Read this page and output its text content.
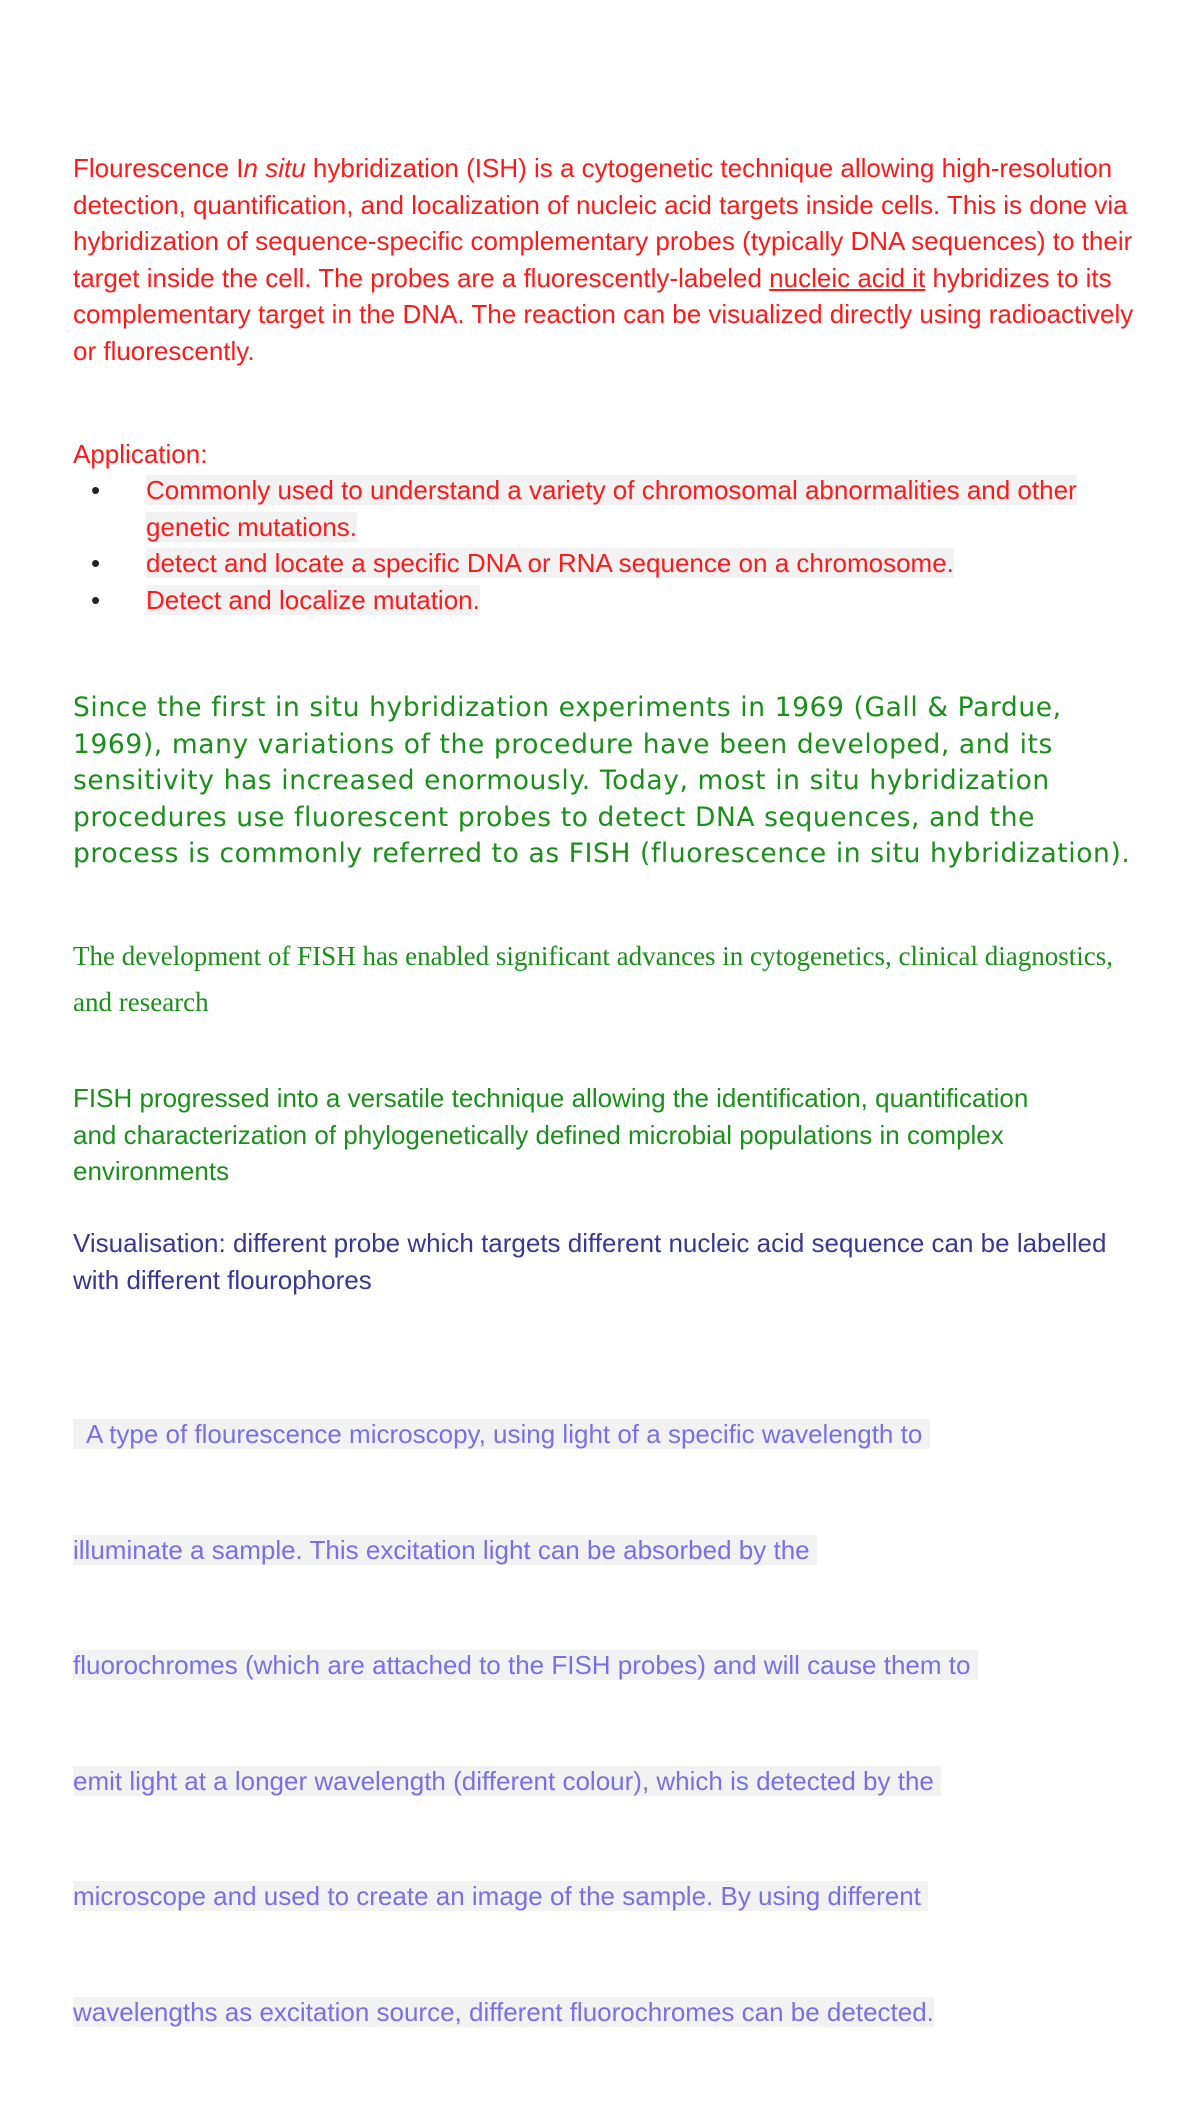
Flourescence In situ hybridization (ISH) is a cytogenetic technique allowing high-resolution detection, quantification, and localization of nucleic acid targets inside cells. This is done via hybridization of sequence-specific complementary probes (typically DNA sequences) to their target inside the cell. The probes are a fluorescently-labeled nucleic acid it hybridizes to its complementary target in the DNA. The reaction can be visualized directly using radioactively or fluorescently.

Application:
• Commonly used to understand a variety of chromosomal abnormalities and other genetic mutations.
• detect and locate a specific DNA or RNA sequence on a chromosome.
• Detect and localize mutation.

Since the first in situ hybridization experiments in 1969 (Gall & Pardue, 1969), many variations of the procedure have been developed, and its sensitivity has increased enormously. Today, most in situ hybridization procedures use fluorescent probes to detect DNA sequences, and the process is commonly referred to as FISH (fluorescence in situ hybridization).

The development of FISH has enabled significant advances in cytogenetics, clinical diagnostics, and research

FISH progressed into a versatile technique allowing the identification, quantification and characterization of phylogenetically defined microbial populations in complex environments

Visualisation: different probe which targets different nucleic acid sequence can be labelled with different flourophores

A type of flourescence microscopy, using light of a specific wavelength to

illuminate a sample. This excitation light can be absorbed by the

fluorochromes (which are attached to the FISH probes) and will cause them to

emit light at a longer wavelength (different colour), which is detected by the

microscope and used to create an image of the sample. By using different

wavelengths as excitation source, different fluorochromes can be detected.
